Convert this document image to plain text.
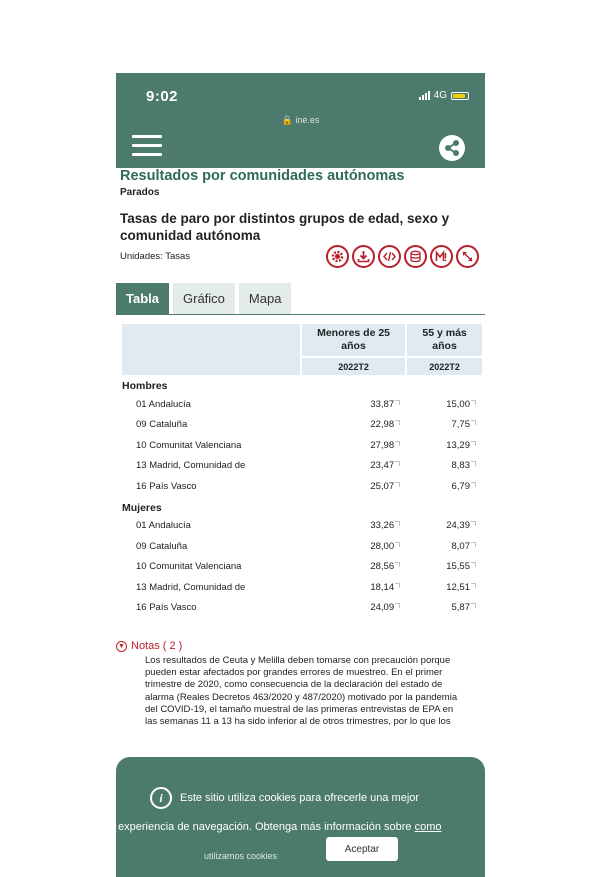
9:02	4G
🔒 ine.es
Resultados por comunidades autónomas
Parados
Tasas de paro por distintos grupos de edad, sexo y comunidad autónoma
Unidades: Tasas
Tabla	Gráfico	Mapa
	Menores de 25 años	55 y más años
	2022T2	2022T2
Hombres		
01 Andalucía	33,87	15,00
09 Cataluña	22,98	7,75
10 Comunitat Valenciana	27,98	13,29
13 Madrid, Comunidad de	23,47	8,83
16 País Vasco	25,07	6,79
Mujeres		
01 Andalucía	33,26	24,39
09 Cataluña	28,00	8,07
10 Comunitat Valenciana	28,56	15,55
13 Madrid, Comunidad de	18,14	12,51
16 País Vasco	24,09	5,87
▼ Notas ( 2 )
Los resultados de Ceuta y Melilla deben tomarse con precaución porque pueden estar afectados por grandes errores de muestreo. En el primer trimestre de 2020, como consecuencia de la declaración del estado de alarma (Reales Decretos 463/2020 y 487/2020) motivado por la pandemia del COVID-19, el tamaño muestral de las primeras entrevistas de EPA en las semanas 11 a 13 ha sido inferior al de otros trimestres, por lo que los
i	Este sitio utiliza cookies para ofrecerle una mejor
experiencia de navegación. Obtenga más información sobre como
utilizamos cookies
Aceptar
